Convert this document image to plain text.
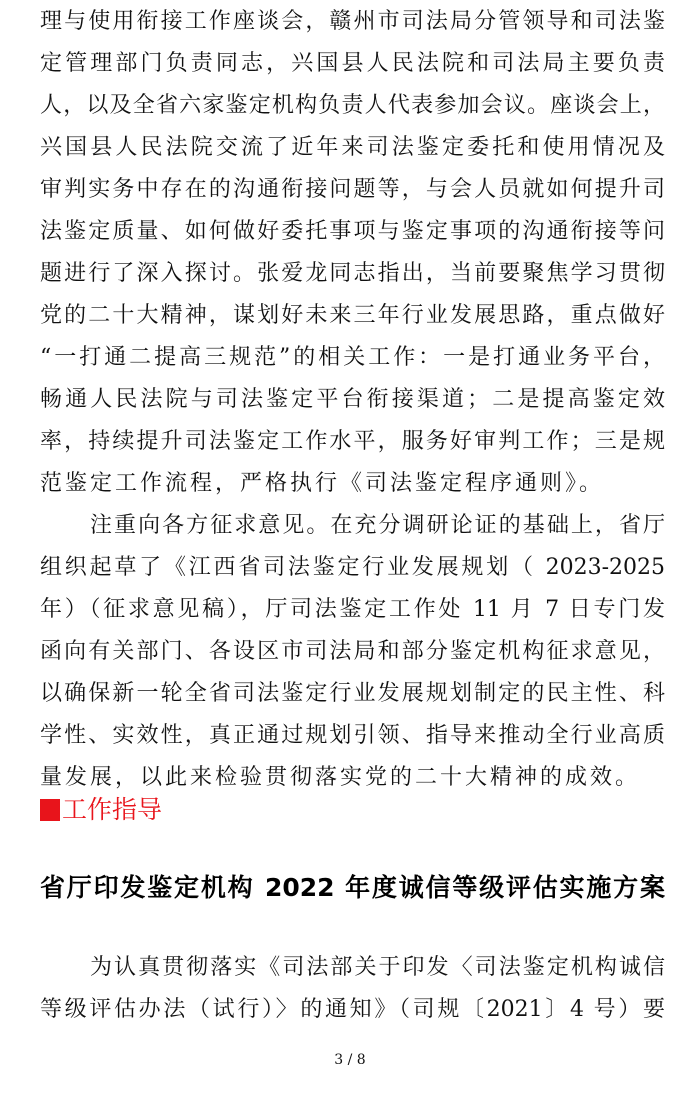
理与使用衔接工作座谈会，赣州市司法局分管领导和司法鉴
定管理部门负责同志，兴国县人民法院和司法局主要负责
人，以及全省六家鉴定机构负责人代表参加会议。座谈会上，
兴国县人民法院交流了近年来司法鉴定委托和使用情况及
审判实务中存在的沟通衔接问题等，与会人员就如何提升司
法鉴定质量、如何做好委托事项与鉴定事项的沟通衔接等问
题进行了深入探讨。张爱龙同志指出，当前要聚焦学习贯彻
党的二十大精神，谋划好未来三年行业发展思路，重点做好
“一打通二提高三规范”的相关工作：一是打通业务平台，
畅通人民法院与司法鉴定平台衔接渠道；二是提高鉴定效
率，持续提升司法鉴定工作水平，服务好审判工作；三是规
范鉴定工作流程，严格执行《司法鉴定程序通则》。
注重向各方征求意见。在充分调研论证的基础上，省厅
组织起草了《江西省司法鉴定行业发展规划（ 2023-2025
年）（征求意见稿），厅司法鉴定工作处 11 月 7 日专门发
函向有关部门、各设区市司法局和部分鉴定机构征求意见，
以确保新一轮全省司法鉴定行业发展规划制定的民主性、科
学性、实效性，真正通过规划引领、指导来推动全行业高质
量发展，以此来检验贯彻落实党的二十大精神的成效。
工作指导
省厅印发鉴定机构 2022 年度诚信等级评估实施方案
为认真贯彻落实《司法部关于印发〈司法鉴定机构诚信
等级评估办法（试行）〉的通知》（司规〔2021〕4 号）要
3 / 8
